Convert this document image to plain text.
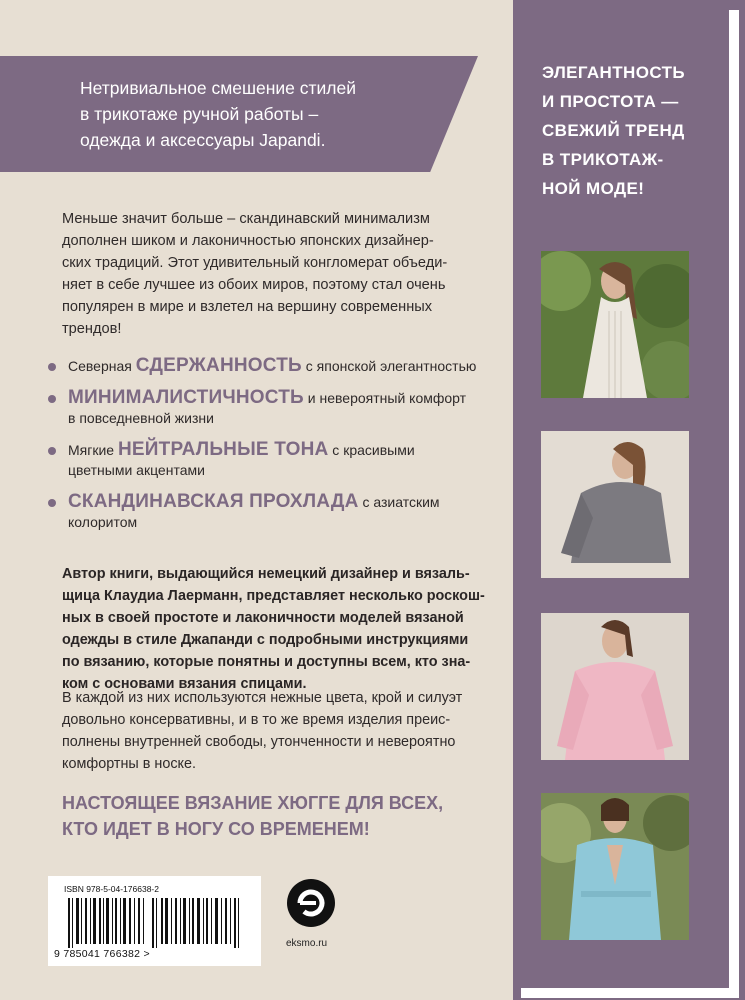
Нетривиальное смешение стилей
в трикотаже ручной работы –
одежда и аксессуары Japandi.
Меньше значит больше – скандинавский минимализм
дополнен шиком и лаконичностью японских дизайнер-
ских традиций. Этот удивительный конгломерат объеди-
няет в себе лучшее из обоих миров, поэтому стал очень
популярен в мире и взлетел на вершину современных
трендов!
Северная СДЕРЖАННОСТЬ с японской элегантностью
МИНИМАЛИСТИЧНОСТЬ и невероятный комфорт
в повседневной жизни
Мягкие НЕЙТРАЛЬНЫЕ ТОНА с красивыми
цветными акцентами
СКАНДИНАВСКАЯ ПРОХЛАДА с азиатским
колоритом
Автор книги, выдающийся немецкий дизайнер и вязаль-
щица Клаудиа Лаерманн, представляет несколько роскош-
ных в своей простоте и лаконичности моделей вязаной
одежды в стиле Джапанди с подробными инструкциями
по вязанию, которые понятны и доступны всем, кто зна-
ком с основами вязания спицами.
В каждой из них используются нежные цвета, крой и силуэт
довольно консервативны, и в то же время изделия преис-
полнены внутренней свободы, утонченности и невероятно
комфортны в носке.
НАСТОЯЩЕЕ ВЯЗАНИЕ ХЮГГЕ ДЛЯ ВСЕХ,
КТО ИДЕТ В НОГУ СО ВРЕМЕНЕМ!
ISBN 978-5-04-176638-2
9 785041 766382 >
eksmo.ru
ЭЛЕГАНТНОСТЬ
И ПРОСТОТА —
СВЕЖИЙ ТРЕНД
В ТРИКОТАЖ-
НОЙ МОДЕ!
